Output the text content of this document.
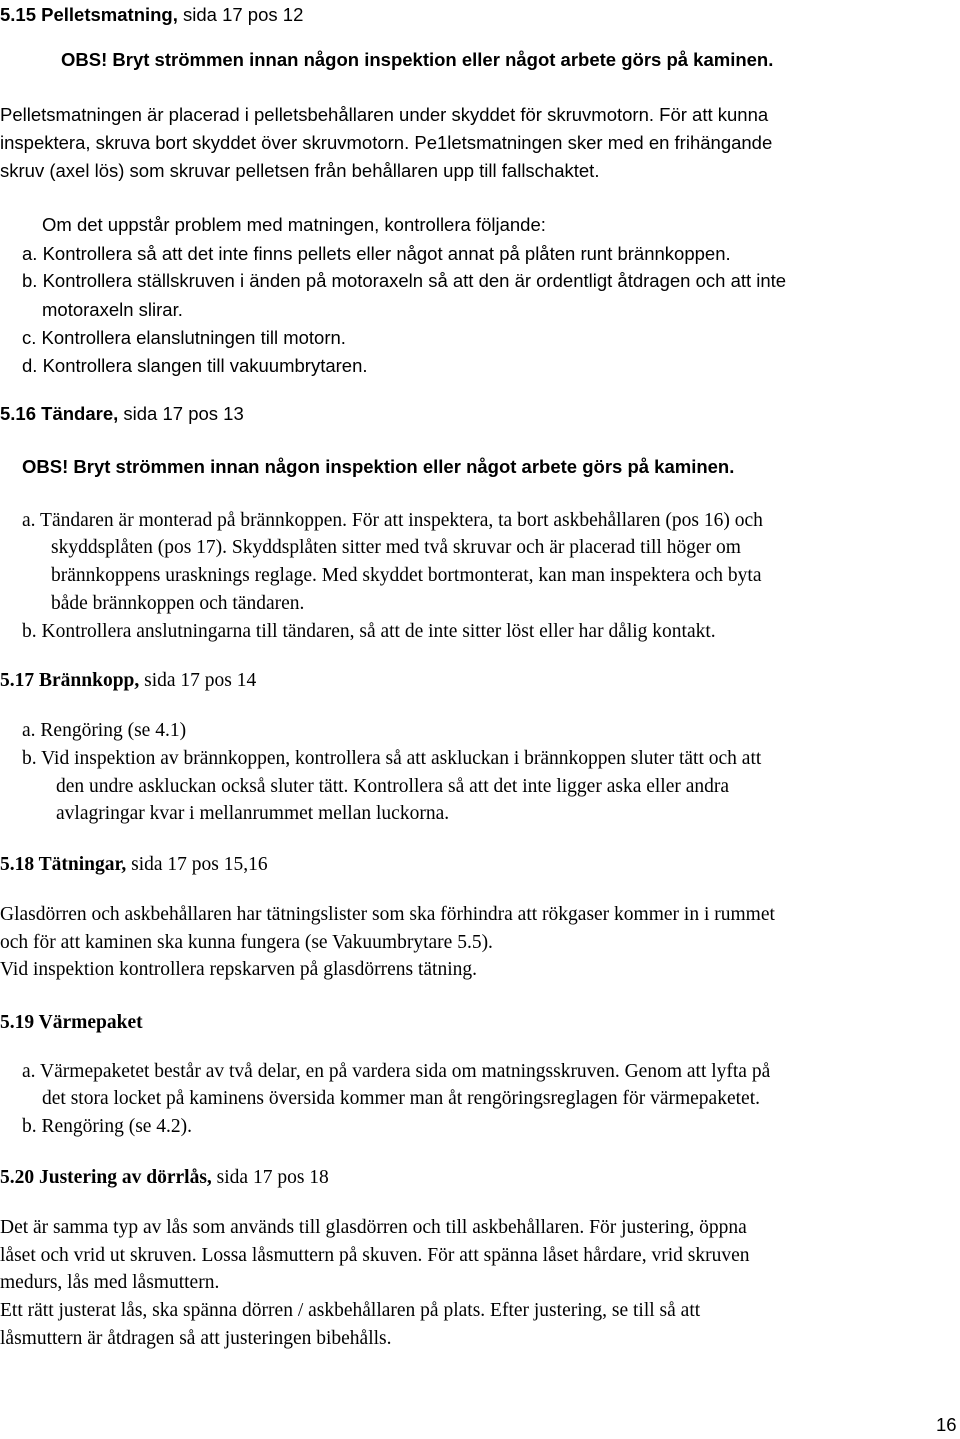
5.15 Pelletsmatning, sida 17 pos 12
OBS! Bryt strömmen innan någon inspektion eller något arbete görs på kaminen.
Pelletsmatningen är placerad i pelletsbehållaren under skyddet för skruvmotorn. För att kunna
inspektera, skruva bort skyddet över skruvmotorn. Pe1letsmatningen sker med en frihängande
skruv (axel lös) som skruvar pelletsen från behållaren upp till fallschaktet.
Om det uppstår problem med matningen, kontrollera följande:
a. Kontrollera så att det inte finns pellets eller något annat på plåten runt brännkoppen.
b. Kontrollera ställskruven i änden på motoraxeln så att den är ordentligt åtdragen och att inte
motoraxeln slirar.
c. Kontrollera elanslutningen till motorn.
d. Kontrollera slangen till vakuumbrytaren.
5.16 Tändare, sida 17 pos 13
OBS! Bryt strömmen innan någon inspektion eller något arbete görs på kaminen.
a. Tändaren är monterad på brännkoppen. För att inspektera, ta bort askbehållaren (pos 16) och
skyddsplåten (pos 17). Skyddsplåten sitter med två skruvar och är placerad till höger om
brännkoppens urasknings reglage. Med skyddet bortmonterat, kan man inspektera och byta
både brännkoppen och tändaren.
b. Kontrollera anslutningarna till tändaren, så att de inte sitter löst eller har dålig kontakt.
5.17 Brännkopp, sida 17 pos 14
a. Rengöring (se 4.1)
b. Vid inspektion av brännkoppen, kontrollera så att askluckan i brännkoppen sluter tätt och att
den undre askluckan också sluter tätt. Kontrollera så att det inte ligger aska eller andra
avlagringar kvar i mellanrummet mellan luckorna.
5.18 Tätningar, sida 17 pos 15,16
Glasdörren och askbehållaren har tätningslister som ska förhindra att rökgaser kommer in i rummet
och för att kaminen ska kunna fungera (se Vakuumbrytare 5.5).
Vid inspektion kontrollera repskarven på glasdörrens tätning.
5.19 Värmepaket
a. Värmepaketet består av två delar, en på vardera sida om matningsskruven. Genom att lyfta på
det stora locket på kaminens översida kommer man åt rengöringsreglagen för värmepaketet.
b. Rengöring (se 4.2).
5.20 Justering av dörrlås, sida 17 pos 18
Det är samma typ av lås som används till glasdörren och till askbehållaren. För justering, öppna
låset och vrid ut skruven. Lossa låsmuttern på skuven. För att spänna låset hårdare, vrid skruven
medurs, lås med låsmuttern.
Ett rätt justerat lås, ska spänna dörren / askbehållaren på plats. Efter justering, se till så att
låsmuttern är åtdragen så att justeringen bibehålls.
16
